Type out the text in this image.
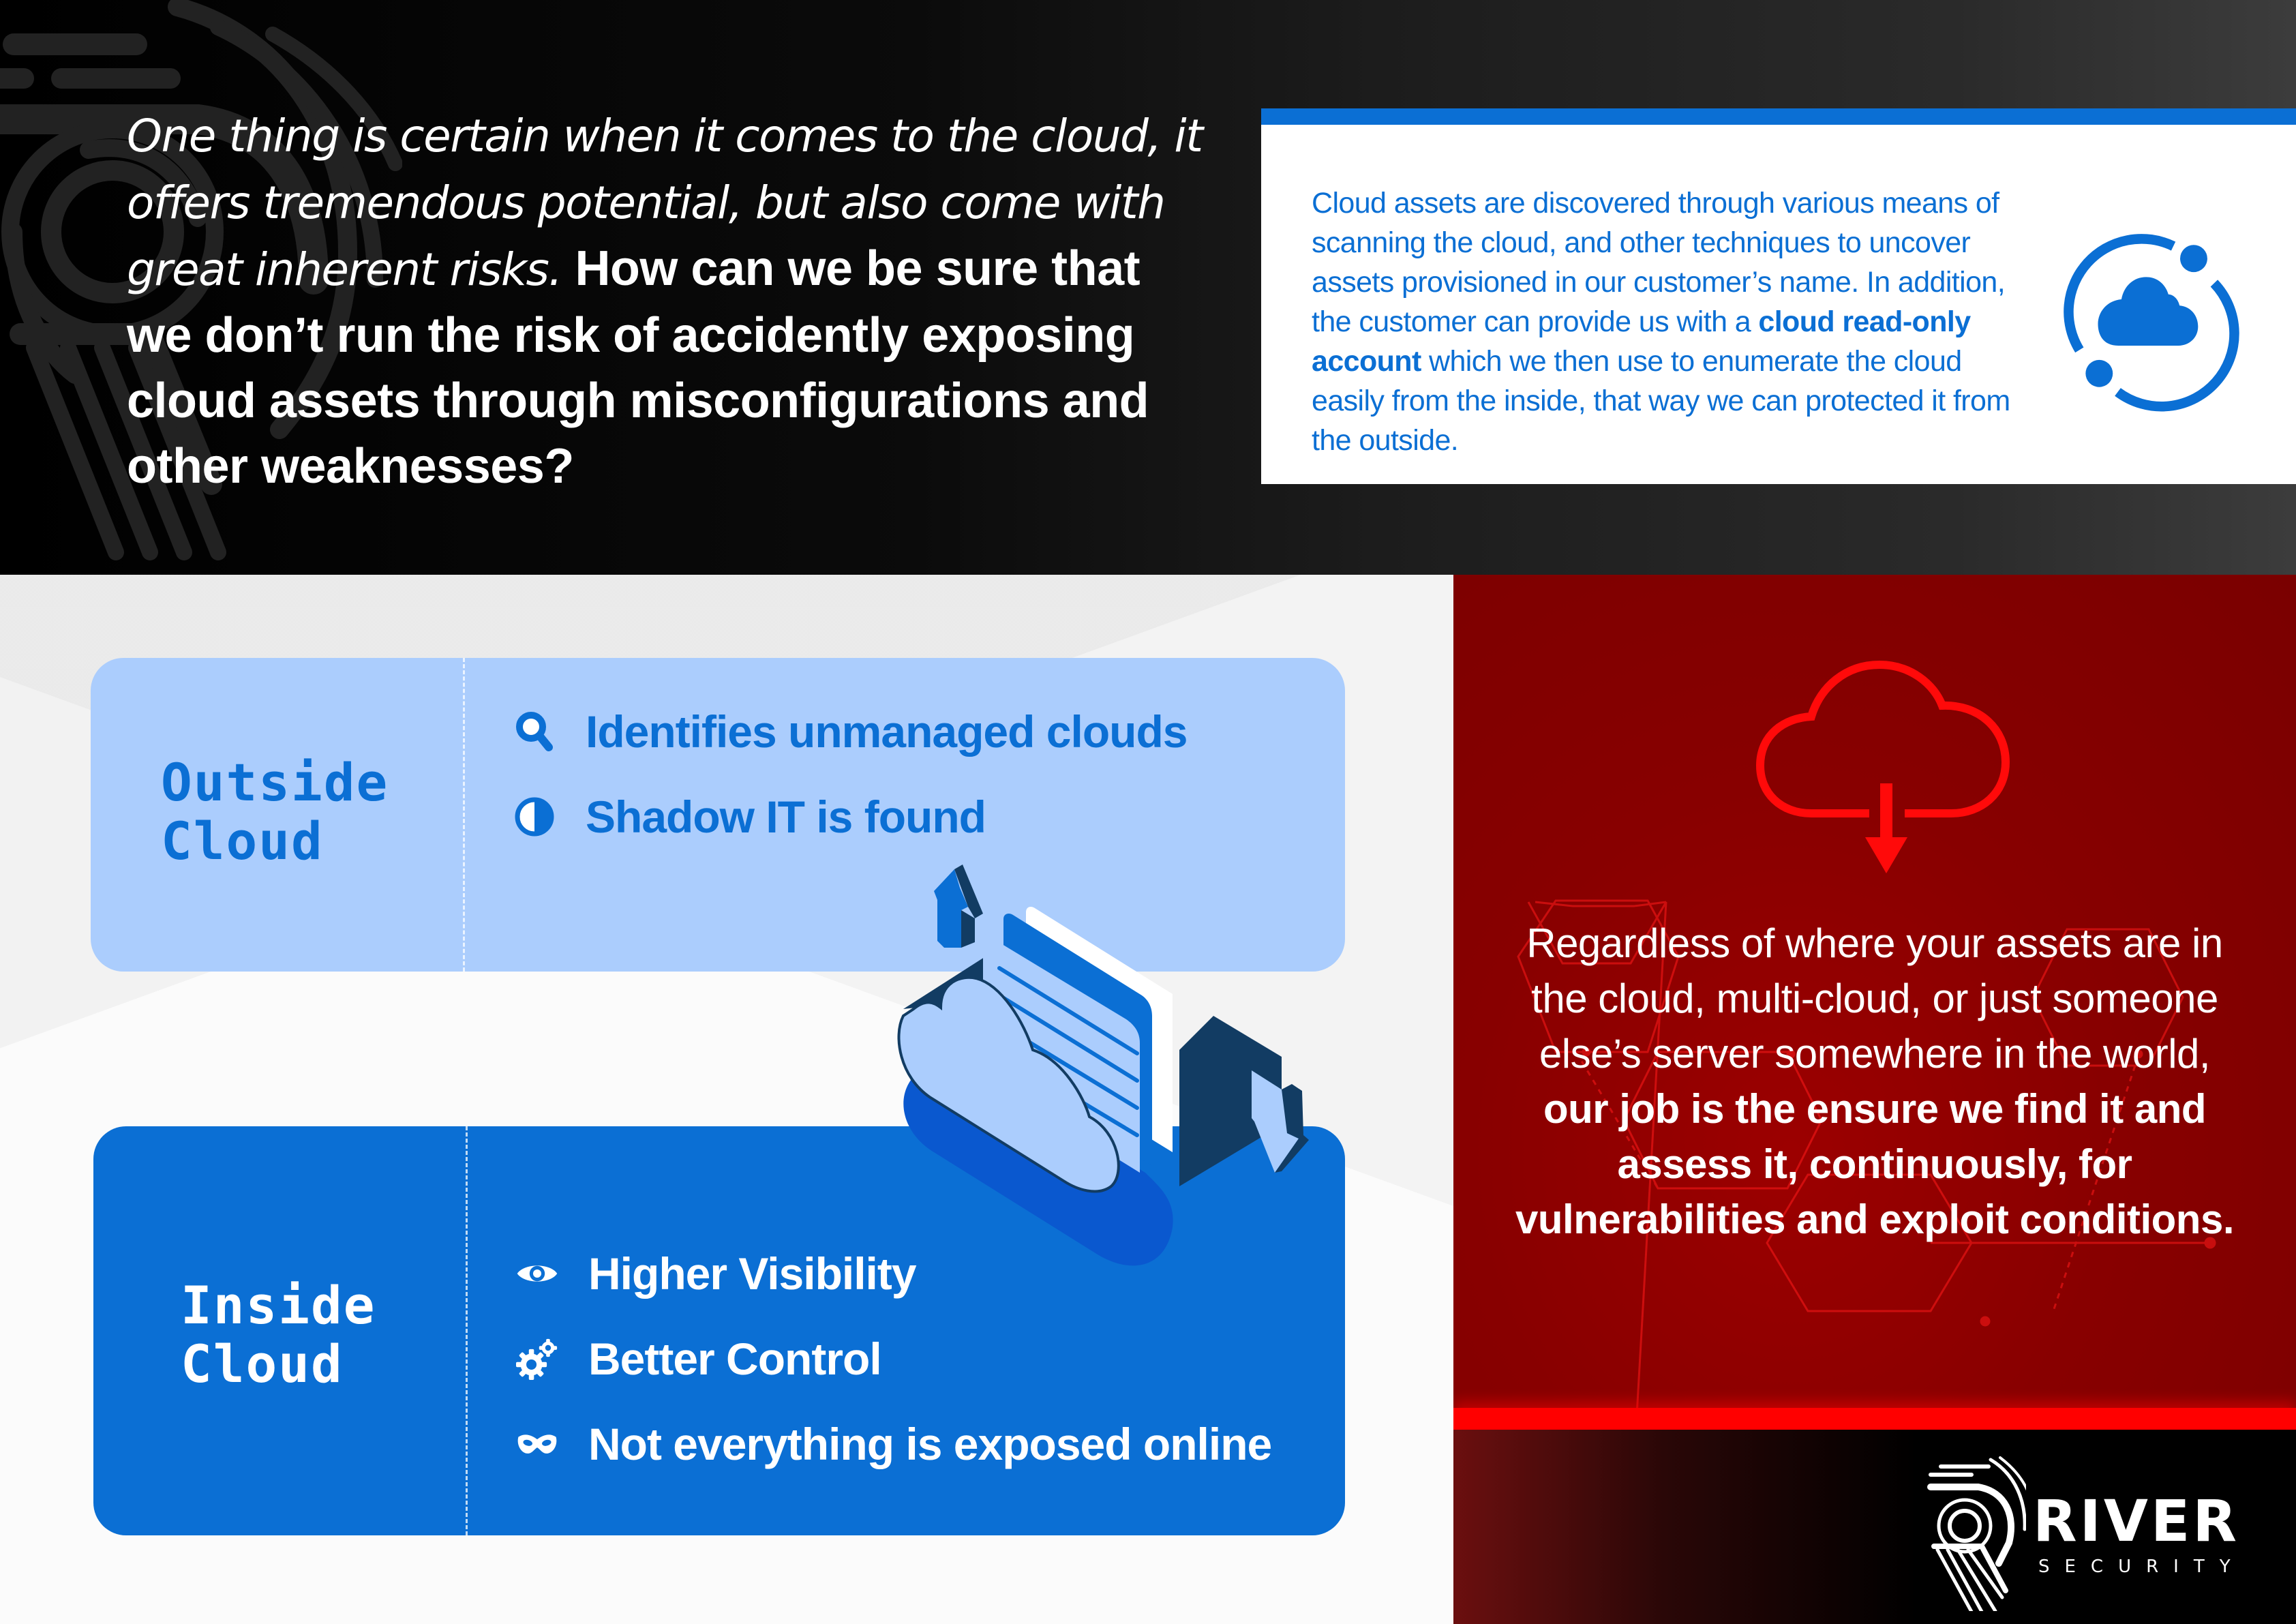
One thing is certain when it comes to the cloud, it offers tremendous potential, but also come with great inherent risks. How can we be sure that we don’t run the risk of accidently exposing cloud assets through misconfigurations and other weaknesses?

Cloud assets are discovered through various means of scanning the cloud, and other techniques to uncover assets provisioned in our customer’s name. In addition, the customer can provide us with a cloud read-only account which we then use to enumerate the cloud easily from the inside, that way we can protected it from the outside.

Outside
Cloud
Identifies unmanaged clouds
Shadow IT is found
Inside
Cloud
Higher Visibility
Better Control
Not everything is exposed online

Regardless of where your assets are in the cloud, multi-cloud, or just someone else’s server somewhere in the world,
our job is the ensure we find it and assess it, continuously, for vulnerabilities and exploit conditions.

RIVER
SECURITY
